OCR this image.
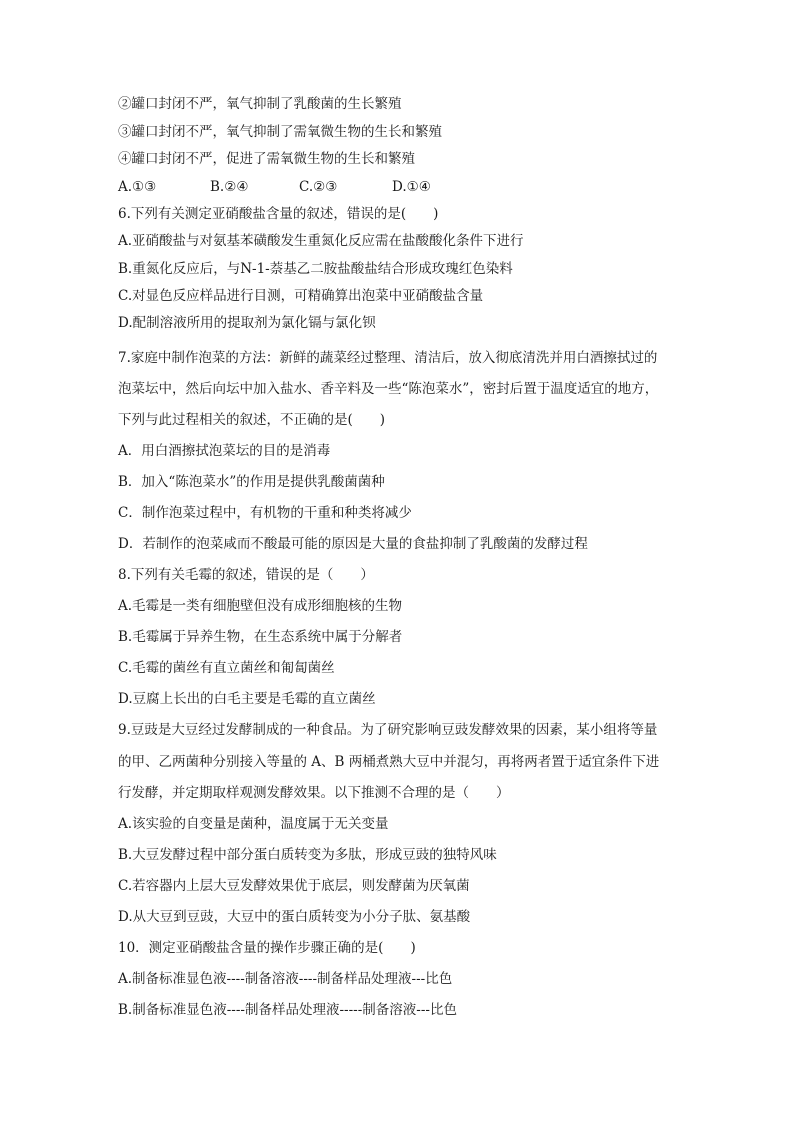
②罐口封闭不严，氧气抑制了乳酸菌的生长繁殖
③罐口封闭不严，氧气抑制了需氧微生物的生长和繁殖
④罐口封闭不严，促进了需氧微生物的生长和繁殖
A.①③	B.②④	C.②③	D.①④
6.下列有关测定亚硝酸盐含量的叙述，错误的是(　　)
A.亚硝酸盐与对氨基苯磺酸发生重氮化反应需在盐酸酸化条件下进行
B.重氮化反应后，与N-1-萘基乙二胺盐酸盐结合形成玫瑰红色染料
C.对显色反应样品进行目测，可精确算出泡菜中亚硝酸盐含量
D.配制溶液所用的提取剂为氯化镉与氯化钡
7.家庭中制作泡菜的方法：新鲜的蔬菜经过整理、清洁后，放入彻底清洗并用白酒擦拭过的
泡菜坛中，然后向坛中加入盐水、香辛料及一些“陈泡菜水”，密封后置于温度适宜的地方，
下列与此过程相关的叙述，不正确的是(　　)
A．用白酒擦拭泡菜坛的目的是消毒
B．加入“陈泡菜水”的作用是提供乳酸菌菌种
C．制作泡菜过程中，有机物的干重和种类将减少
D．若制作的泡菜咸而不酸最可能的原因是大量的食盐抑制了乳酸菌的发酵过程
8.下列有关毛霉的叙述，错误的是（　　）
A.毛霉是一类有细胞壁但没有成形细胞核的生物
B.毛霉属于异养生物，在生态系统中属于分解者
C.毛霉的菌丝有直立菌丝和匍匐菌丝
D.豆腐上长出的白毛主要是毛霉的直立菌丝
9.豆豉是大豆经过发酵制成的一种食品。为了研究影响豆豉发酵效果的因素，某小组将等量
的甲、乙两菌种分别接入等量的 A、B 两桶煮熟大豆中并混匀，再将两者置于适宜条件下进
行发酵，并定期取样观测发酵效果。以下推测不合理的是（　　）
A.该实验的自变量是菌种，温度属于无关变量
B.大豆发酵过程中部分蛋白质转变为多肽，形成豆豉的独特风味
C.若容器内上层大豆发酵效果优于底层，则发酵菌为厌氧菌
D.从大豆到豆豉，大豆中的蛋白质转变为小分子肽、氨基酸
10．测定亚硝酸盐含量的操作步骤正确的是(　　)
A.制备标准显色液----制备溶液----制备样品处理液---比色
B.制备标准显色液----制备样品处理液-----制备溶液---比色
